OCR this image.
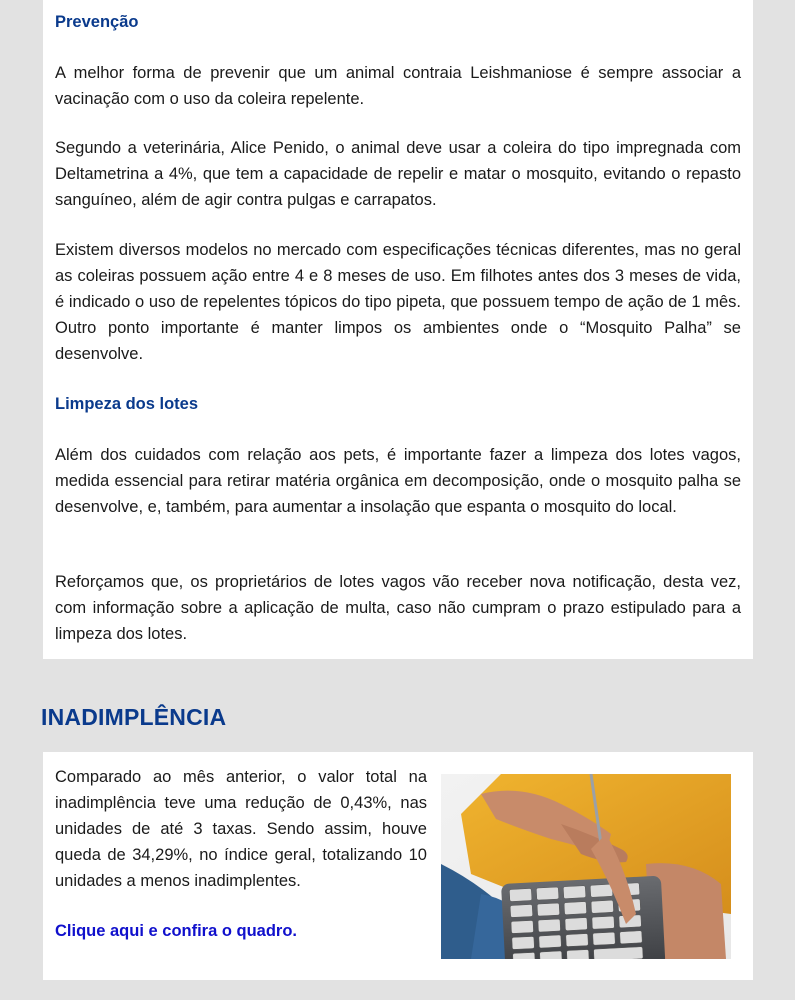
Prevenção

A melhor forma de prevenir que um animal contraia Leishmaniose é sempre associar a vacinação com o uso da coleira repelente.

Segundo a veterinária, Alice Penido, o animal deve usar a coleira do tipo impregnada com Deltametrina a 4%, que tem a capacidade de repelir e matar o mosquito, evitando o repasto sanguíneo, além de agir contra pulgas e carrapatos.

Existem diversos modelos no mercado com especificações técnicas diferentes, mas no geral as coleiras possuem ação entre 4 e 8 meses de uso. Em filhotes antes dos 3 meses de vida, é indicado o uso de repelentes tópicos do tipo pipeta, que possuem tempo de ação de 1 mês. Outro ponto importante é manter limpos os ambientes onde o “Mosquito Palha” se desenvolve.

Limpeza dos lotes

Além dos cuidados com relação aos pets, é importante fazer a limpeza dos lotes vagos, medida essencial para retirar matéria orgânica em decomposição, onde o mosquito palha se desenvolve, e, também, para aumentar a insolação que espanta o mosquito do local.

Reforçamos que, os proprietários de lotes vagos vão receber nova notificação, desta vez, com informação sobre a aplicação de multa, caso não cumpram o prazo estipulado para a limpeza dos lotes.

INADIMPLÊNCIA

Comparado ao mês anterior, o valor total na inadimplência teve uma redução de 0,43%, nas unidades de até 3 taxas. Sendo assim, houve queda de 34,29%, no índice geral, totalizando 10 unidades a menos inadimplentes.

Clique aqui e confira o quadro.
